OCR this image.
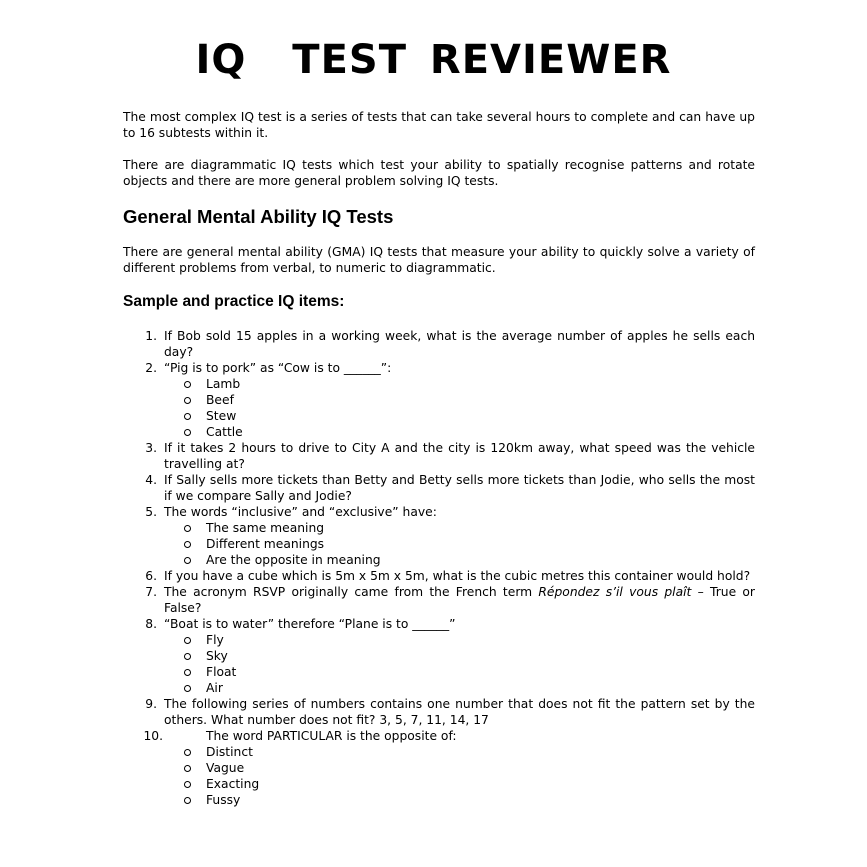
IQ  TEST REVIEWER

The most complex IQ test is a series of tests that can take several hours to complete and can have up to 16 subtests within it.

There are diagrammatic IQ tests which test your ability to spatially recognise patterns and rotate objects and there are more general problem solving IQ tests.

General Mental Ability IQ Tests

There are general mental ability (GMA) IQ tests that measure your ability to quickly solve a variety of different problems from verbal, to numeric to diagrammatic.

Sample and practice IQ items:
1. If Bob sold 15 apples in a working week, what is the average number of apples he sells each day?
2. “Pig is to pork” as “Cow is to ______”:
Lamb
Beef
Stew
Cattle
3. If it takes 2 hours to drive to City A and the city is 120km away, what speed was the vehicle travelling at?
4. If Sally sells more tickets than Betty and Betty sells more tickets than Jodie, who sells the most if we compare Sally and Jodie?
5. The words “inclusive” and “exclusive” have:
The same meaning
Different meanings
Are the opposite in meaning
6. If you have a cube which is 5m x 5m x 5m, what is the cubic metres this container would hold?
7. The acronym RSVP originally came from the French term Répondez s’il vous plaît – True or False?
8. “Boat is to water” therefore “Plane is to ______”
Fly
Sky
Float
Air
9. The following series of numbers contains one number that does not fit the pattern set by the others. What number does not fit? 3, 5, 7, 11, 14, 17
10.	The word PARTICULAR is the opposite of:
Distinct
Vague
Exacting
Fussy
